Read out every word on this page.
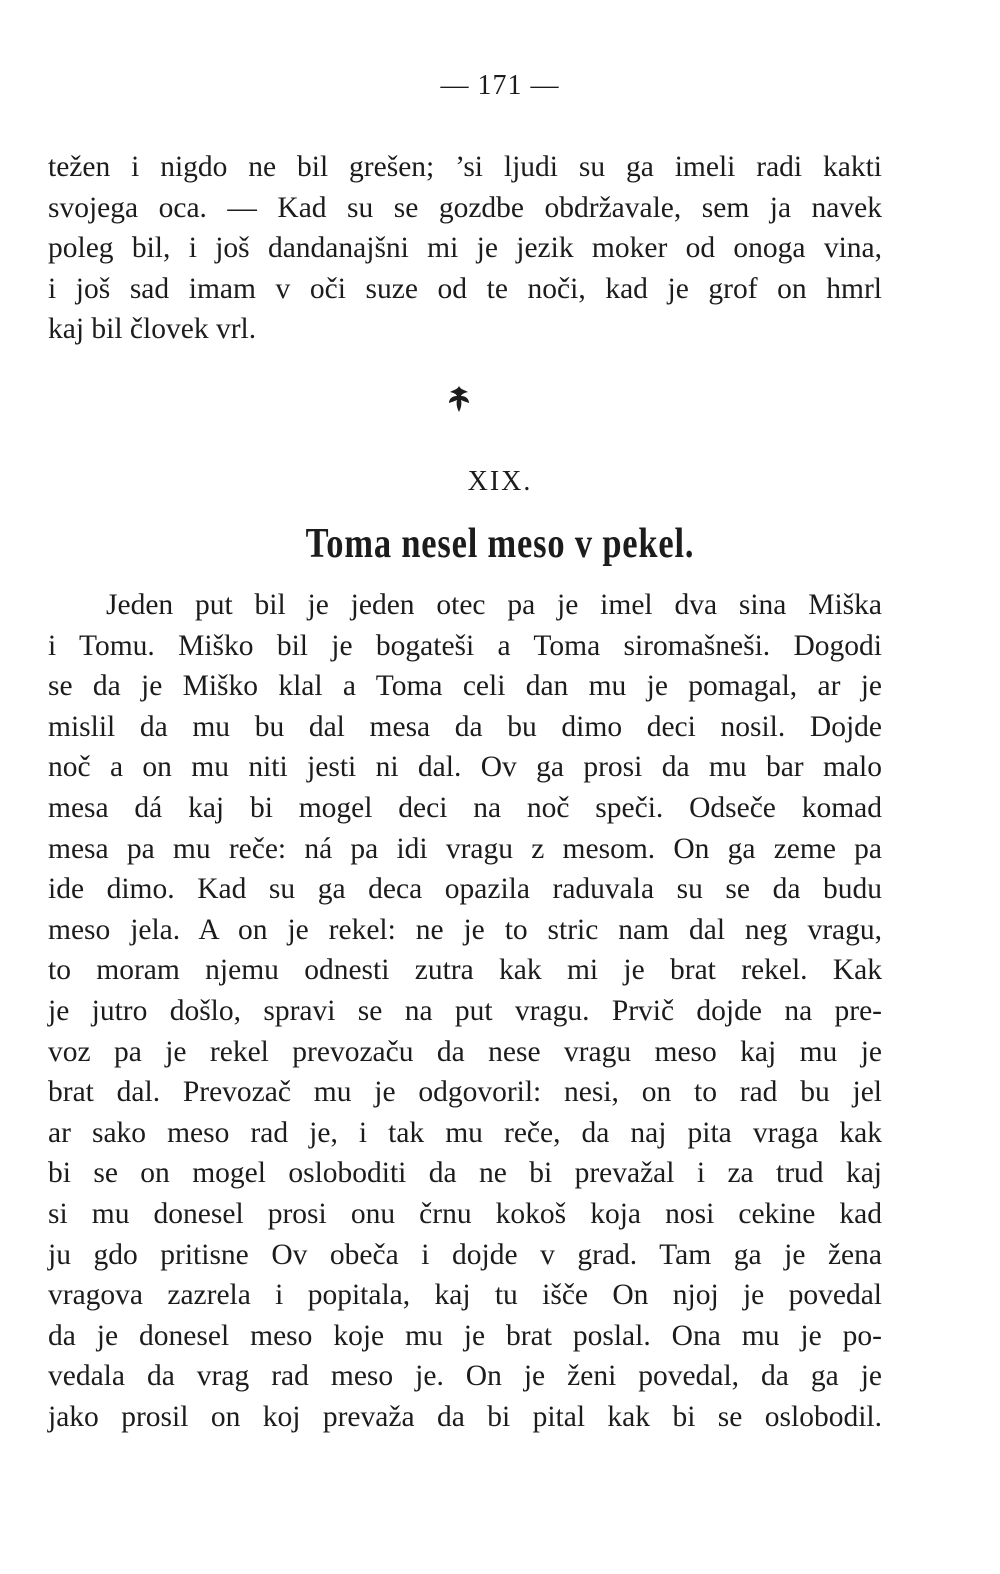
— 171 —
težen i nigdo ne bil grešen; ’si ljudi su ga imeli radi kakti
svojega oca. — Kad su se gozdbe obdržavale, sem ja navek
poleg bil, i još dandanajšni mi je jezik moker od onoga vina,
i još sad imam v oči suze od te noči, kad je grof on hmrl
kaj bil človek vrl.
XIX.
Toma nesel meso v pekel.
Jeden put bil je jeden otec pa je imel dva sina Miška
i Tomu. Miško bil je bogateši a Toma siromašneši. Dogodi
se da je Miško klal a Toma celi dan mu je pomagal, ar je
mislil da mu bu dal mesa da bu dimo deci nosil. Dojde
noč a on mu niti jesti ni dal. Ov ga prosi da mu bar malo
mesa dá kaj bi mogel deci na noč speči. Odseče komad
mesa pa mu reče: ná pa idi vragu z mesom. On ga zeme pa
ide dimo. Kad su ga deca opazila raduvala su se da budu
meso jela. A on je rekel: ne je to stric nam dal neg vragu,
to moram njemu odnesti zutra kak mi je brat rekel. Kak
je jutro došlo, spravi se na put vragu. Prvič dojde na pre-
voz pa je rekel prevozaču da nese vragu meso kaj mu je
brat dal. Prevozač mu je odgovoril: nesi, on to rad bu jel
ar sako meso rad je, i tak mu reče, da naj pita vraga kak
bi se on mogel osloboditi da ne bi prevažal i za trud kaj
si mu donesel prosi onu črnu kokoš koja nosi cekine kad
ju gdo pritisne Ov obeča i dojde v grad. Tam ga je žena
vragova zazrela i popitala, kaj tu išče On njoj je povedal
da je donesel meso koje mu je brat poslal. Ona mu je po-
vedala da vrag rad meso je. On je ženi povedal, da ga je
jako prosil on koj prevaža da bi pital kak bi se oslobodil.
